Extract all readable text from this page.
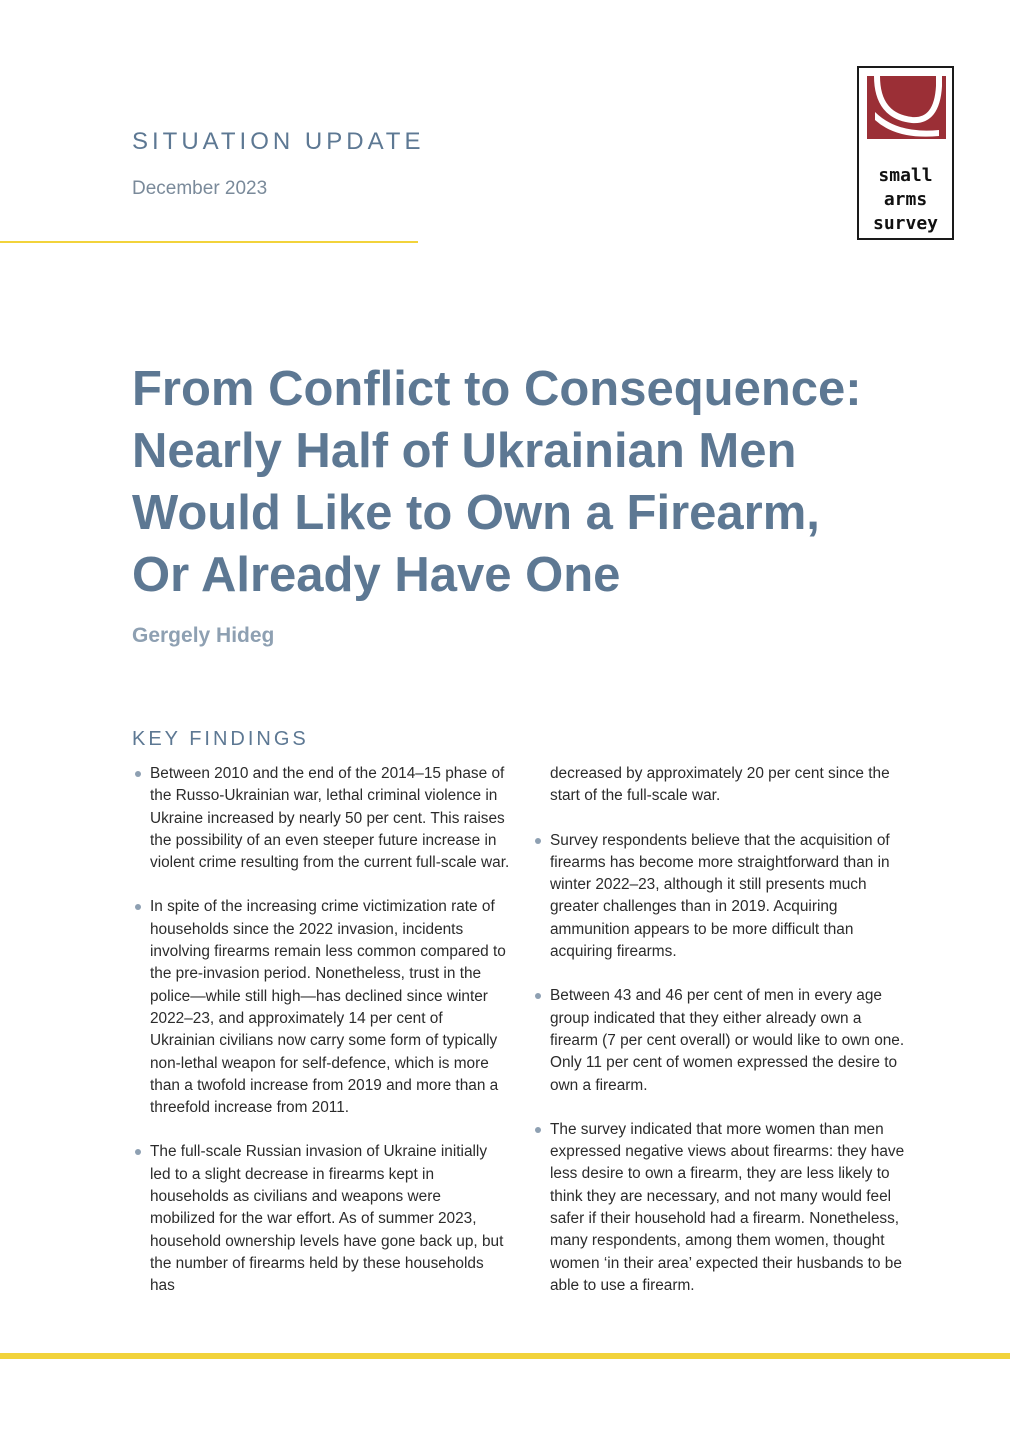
SITUATION UPDATE

December 2023

small
arms
survey
From Conflict to Consequence:
Nearly Half of Ukrainian Men
Would Like to Own a Firearm,
Or Already Have One

Gergely Hideg

KEY FINDINGS

Between 2010 and the end of the 2014–15 phase of the Russo-Ukrainian war, lethal criminal violence in Ukraine increased by nearly 50 per cent. This raises the possibility of an even steeper future increase in violent crime resulting from the current full-scale war.

In spite of the increasing crime victimization rate of households since the 2022 invasion, incidents involving firearms remain less common compared to the pre-invasion period. Nonetheless, trust in the police—while still high—has declined since winter 2022–23, and approximately 14 per cent of Ukrainian civilians now carry some form of typically non-lethal weapon for self-defence, which is more than a twofold increase from 2019 and more than a threefold increase from 2011.

The full-scale Russian invasion of Ukraine initially led to a slight decrease in firearms kept in households as civilians and weapons were mobilized for the war effort. As of summer 2023, household ownership levels have gone back up, but the number of firearms held by these households has

decreased by approximately 20 per cent since the start of the full-scale war.

Survey respondents believe that the acquisition of firearms has become more straightforward than in winter 2022–23, although it still presents much greater challenges than in 2019. Acquiring ammunition appears to be more difficult than acquiring firearms.

Between 43 and 46 per cent of men in every age group indicated that they either already own a firearm (7 per cent overall) or would like to own one. Only 11 per cent of women expressed the desire to own a firearm.

The survey indicated that more women than men expressed negative views about firearms: they have less desire to own a firearm, they are less likely to think they are necessary, and not many would feel safer if their household had a firearm. Nonetheless, many respondents, among them women, thought women ‘in their area’ expected their husbands to be able to use a firearm.
